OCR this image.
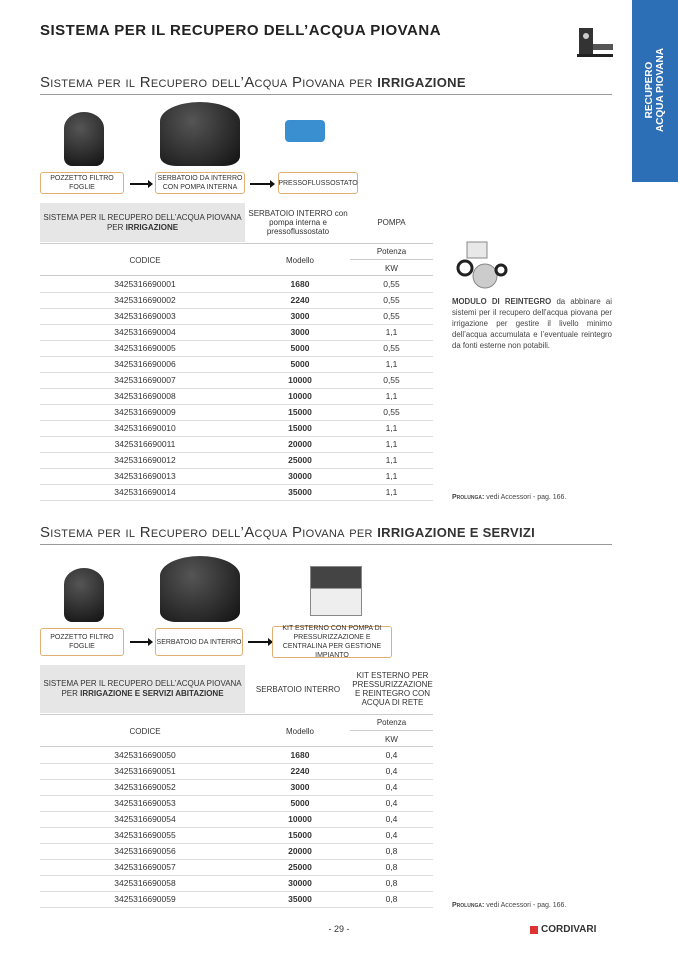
SISTEMA PER IL RECUPERO DELL’ACQUA PIOVANA
RECUPERO ACQUA PIOVANA
Sistema per il Recupero dell’Acqua Piovana per IRRIGAZIONE
POZZETTO FILTRO FOGLIE
SERBATOIO DA INTERRO CON POMPA INTERNA
PRESSOFLUSSOSTATO
SISTEMA PER IL RECUPERO DELL’ACQUA PIOVANA PER IRRIGAZIONE
SERBATOIO INTERRO con pompa interna e pressoflussostato
POMPA
CODICE	Modello
Potenza
KW
3425316690001	1680	0,55
3425316690002	2240	0,55
3425316690003	3000	0,55
3425316690004	3000	1,1
3425316690005	5000	0,55
3425316690006	5000	1,1
3425316690007	10000	0,55
3425316690008	10000	1,1
3425316690009	15000	0,55
3425316690010	15000	1,1
3425316690011	20000	1,1
3425316690012	25000	1,1
3425316690013	30000	1,1
3425316690014	35000	1,1
MODULO DI REINTEGRO da abbinare ai sistemi per il recupero dell’acqua piovana per irrigazione per gestire il livello minimo dell’acqua accumulata e l’eventuale reintegro da fonti esterne non potabili.
Prolunga: vedi Accessori - pag. 166.
Sistema per il Recupero dell’Acqua Piovana per IRRIGAZIONE E SERVIZI
POZZETTO FILTRO FOGLIE
SERBATOIO DA INTERRO
KIT ESTERNO CON POMPA DI PRESSURIZZAZIONE E CENTRALINA PER GESTIONE IMPIANTO
SISTEMA PER IL RECUPERO DELL’ACQUA PIOVANA PER IRRIGAZIONE E SERVIZI ABITAZIONE	SERBATOIO INTERRO
KIT ESTERNO PER PRESSURIZZAZIONE E REINTEGRO CON ACQUA DI RETE
CODICE	Modello
Potenza
KW
3425316690050	1680	0,4
3425316690051	2240	0,4
3425316690052	3000	0,4
3425316690053	5000	0,4
3425316690054	10000	0,4
3425316690055	15000	0,4
3425316690056	20000	0,8
3425316690057	25000	0,8
3425316690058	30000	0,8
3425316690059	35000	0,8
Prolunga: vedi Accessori - pag. 166.
- 29 -	CORDIVARI
